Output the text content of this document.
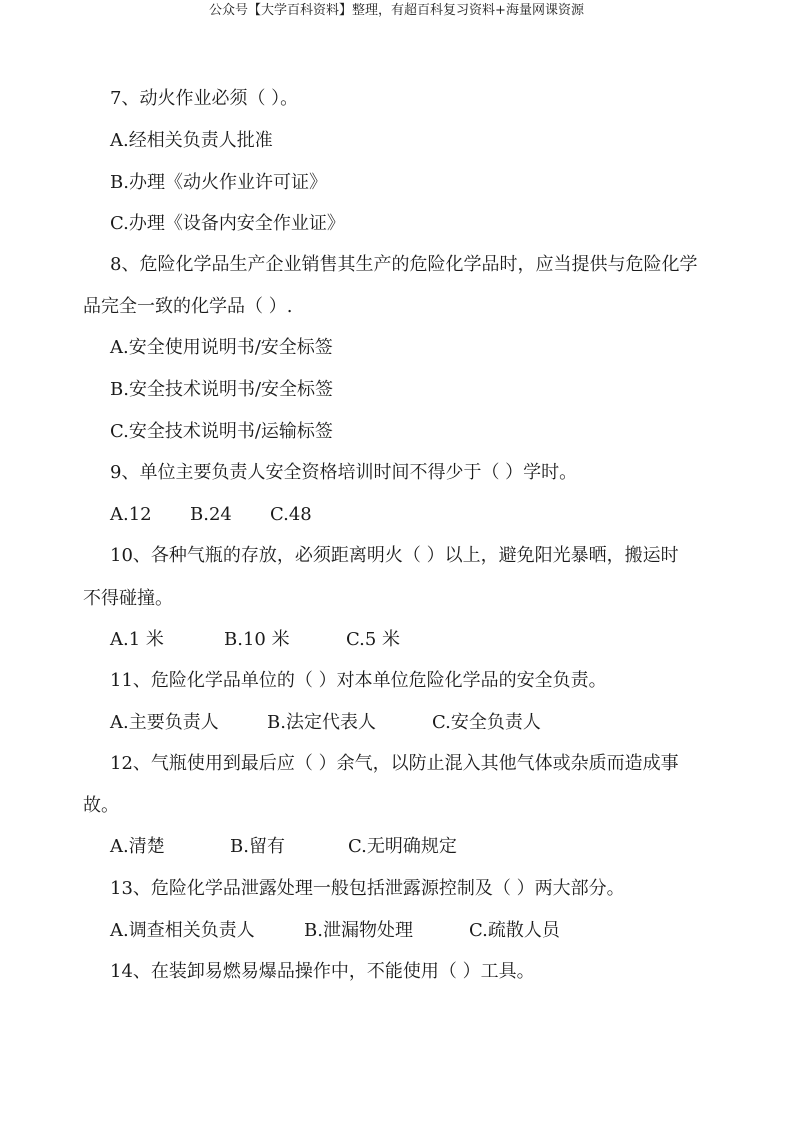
公众号【大学百科资料】整理，有超百科复习资料+海量网课资源
7、动火作业必须（ ）。
A.经相关负责人批准
B.办理《动火作业许可证》
C.办理《设备内安全作业证》
8、危险化学品生产企业销售其生产的危险化学品时，应当提供与危险化学
品完全一致的化学品（ ）.
A.安全使用说明书/安全标签
B.安全技术说明书/安全标签
C.安全技术说明书/运输标签
9、单位主要负责人安全资格培训时间不得少于（ ）学时。
A.12 B.24 C.48
10、各种气瓶的存放，必须距离明火（ ）以上，避免阳光暴晒，搬运时
不得碰撞。
A.1 米	B.10 米	C.5 米
11、危险化学品单位的（ ）对本单位危险化学品的安全负责。
A.主要负责人	B.法定代表人	C.安全负责人
12、气瓶使用到最后应（ ）余气，以防止混入其他气体或杂质而造成事
故。
A.清楚	B.留有	C.无明确规定
13、危险化学品泄露处理一般包括泄露源控制及（ ）两大部分。
A.调查相关负责人	B.泄漏物处理	C.疏散人员
14、在装卸易燃易爆品操作中，不能使用（ ）工具。
